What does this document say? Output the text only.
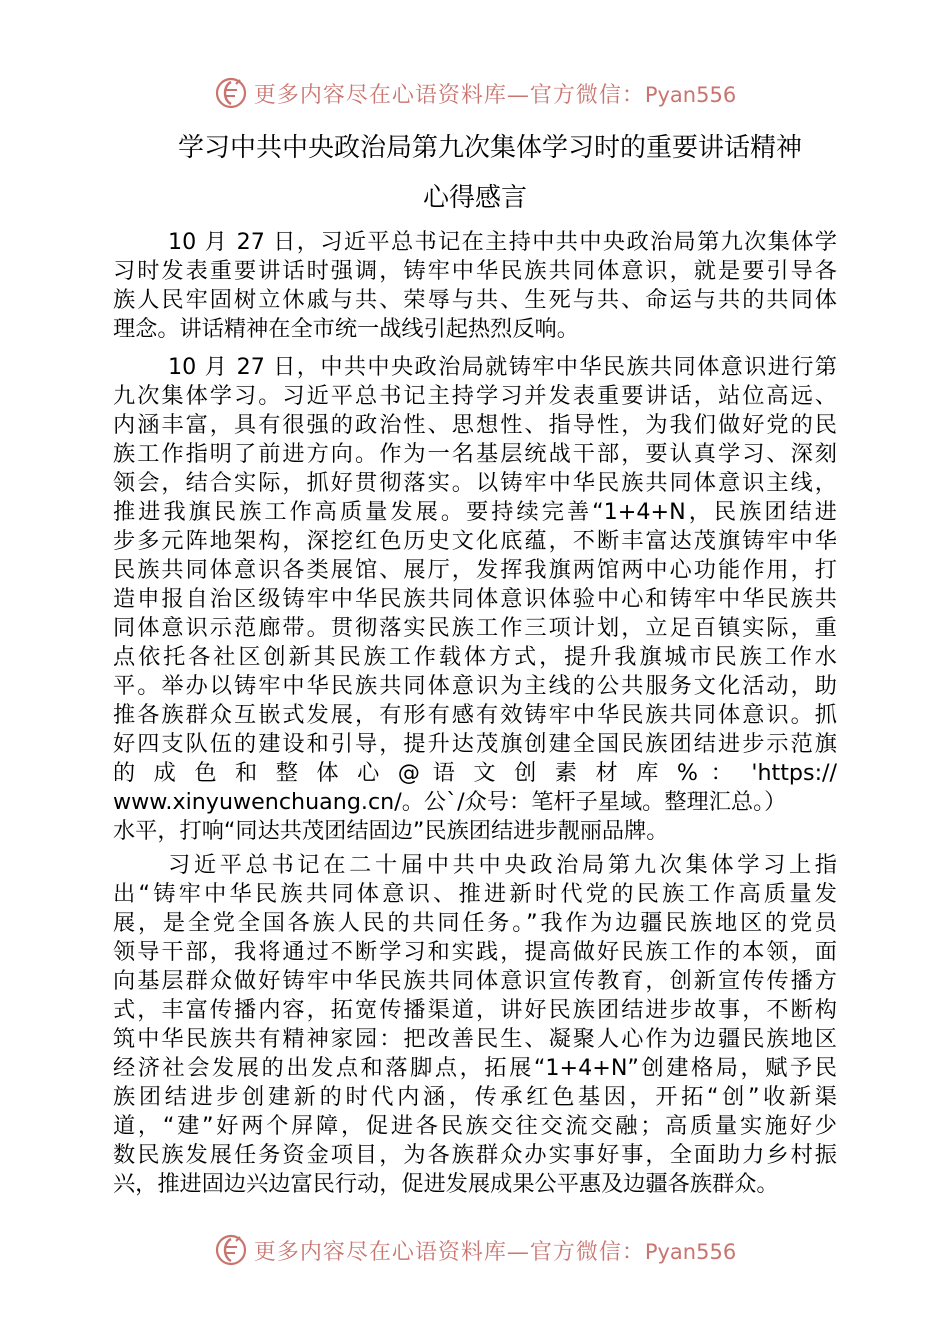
更多内容尽在心语资料库—官方微信：Pyan556
学习中共中央政治局第九次集体学习时的重要讲话精神
心得感言
10 月 27 日，习近平总书记在主持中共中央政治局第九次集体学
习时发表重要讲话时强调，铸牢中华民族共同体意识，就是要引导各
族人民牢固树立休戚与共、荣辱与共、生死与共、命运与共的共同体
理念。讲话精神在全市统一战线引起热烈反响。
10 月 27 日，中共中央政治局就铸牢中华民族共同体意识进行第
九次集体学习。习近平总书记主持学习并发表重要讲话，站位高远、
内涵丰富，具有很强的政治性、思想性、指导性，为我们做好党的民
族工作指明了前进方向。作为一名基层统战干部，要认真学习、深刻
领会，结合实际，抓好贯彻落实。以铸牢中华民族共同体意识主线，
推进我旗民族工作高质量发展。要持续完善“1+4+N，民族团结进
步多元阵地架构，深挖红色历史文化底蕴，不断丰富达茂旗铸牢中华
民族共同体意识各类展馆、展厅，发挥我旗两馆两中心功能作用，打
造申报自治区级铸牢中华民族共同体意识体验中心和铸牢中华民族共
同体意识示范廊带。贯彻落实民族工作三项计划，立足百镇实际，重
点依托各社区创新其民族工作载体方式，提升我旗城市民族工作水
平。举办以铸牢中华民族共同体意识为主线的公共服务文化活动，助
推各族群众互嵌式发展，有形有感有效铸牢中华民族共同体意识。抓
好四支队伍的建设和引导，提升达茂旗创建全国民族团结进步示范旗
的 成 色 和 整 体 心 @ 语 文 创 素 材 库 % ： 'https://
www.xinyuwenchuang.cn/。公`/众号：笔杆子星域。整理汇总。）
水平，打响“同达共茂团结固边”民族团结进步靓丽品牌。
习近平总书记在二十届中共中央政治局第九次集体学习上指
出“铸牢中华民族共同体意识、推进新时代党的民族工作高质量发
展，是全党全国各族人民的共同任务。”我作为边疆民族地区的党员
领导干部，我将通过不断学习和实践，提高做好民族工作的本领，面
向基层群众做好铸牢中华民族共同体意识宣传教育，创新宣传传播方
式，丰富传播内容，拓宽传播渠道，讲好民族团结进步故事，不断构
筑中华民族共有精神家园：把改善民生、凝聚人心作为边疆民族地区
经济社会发展的出发点和落脚点，拓展“1+4+N”创建格局，赋予民
族团结进步创建新的时代内涵，传承红色基因，开拓“创”收新渠
道，“建”好两个屏障，促进各民族交往交流交融；高质量实施好少
数民族发展任务资金项目，为各族群众办实事好事，全面助力乡村振
兴，推进固边兴边富民行动，促进发展成果公平惠及边疆各族群众。
更多内容尽在心语资料库—官方微信：Pyan556
